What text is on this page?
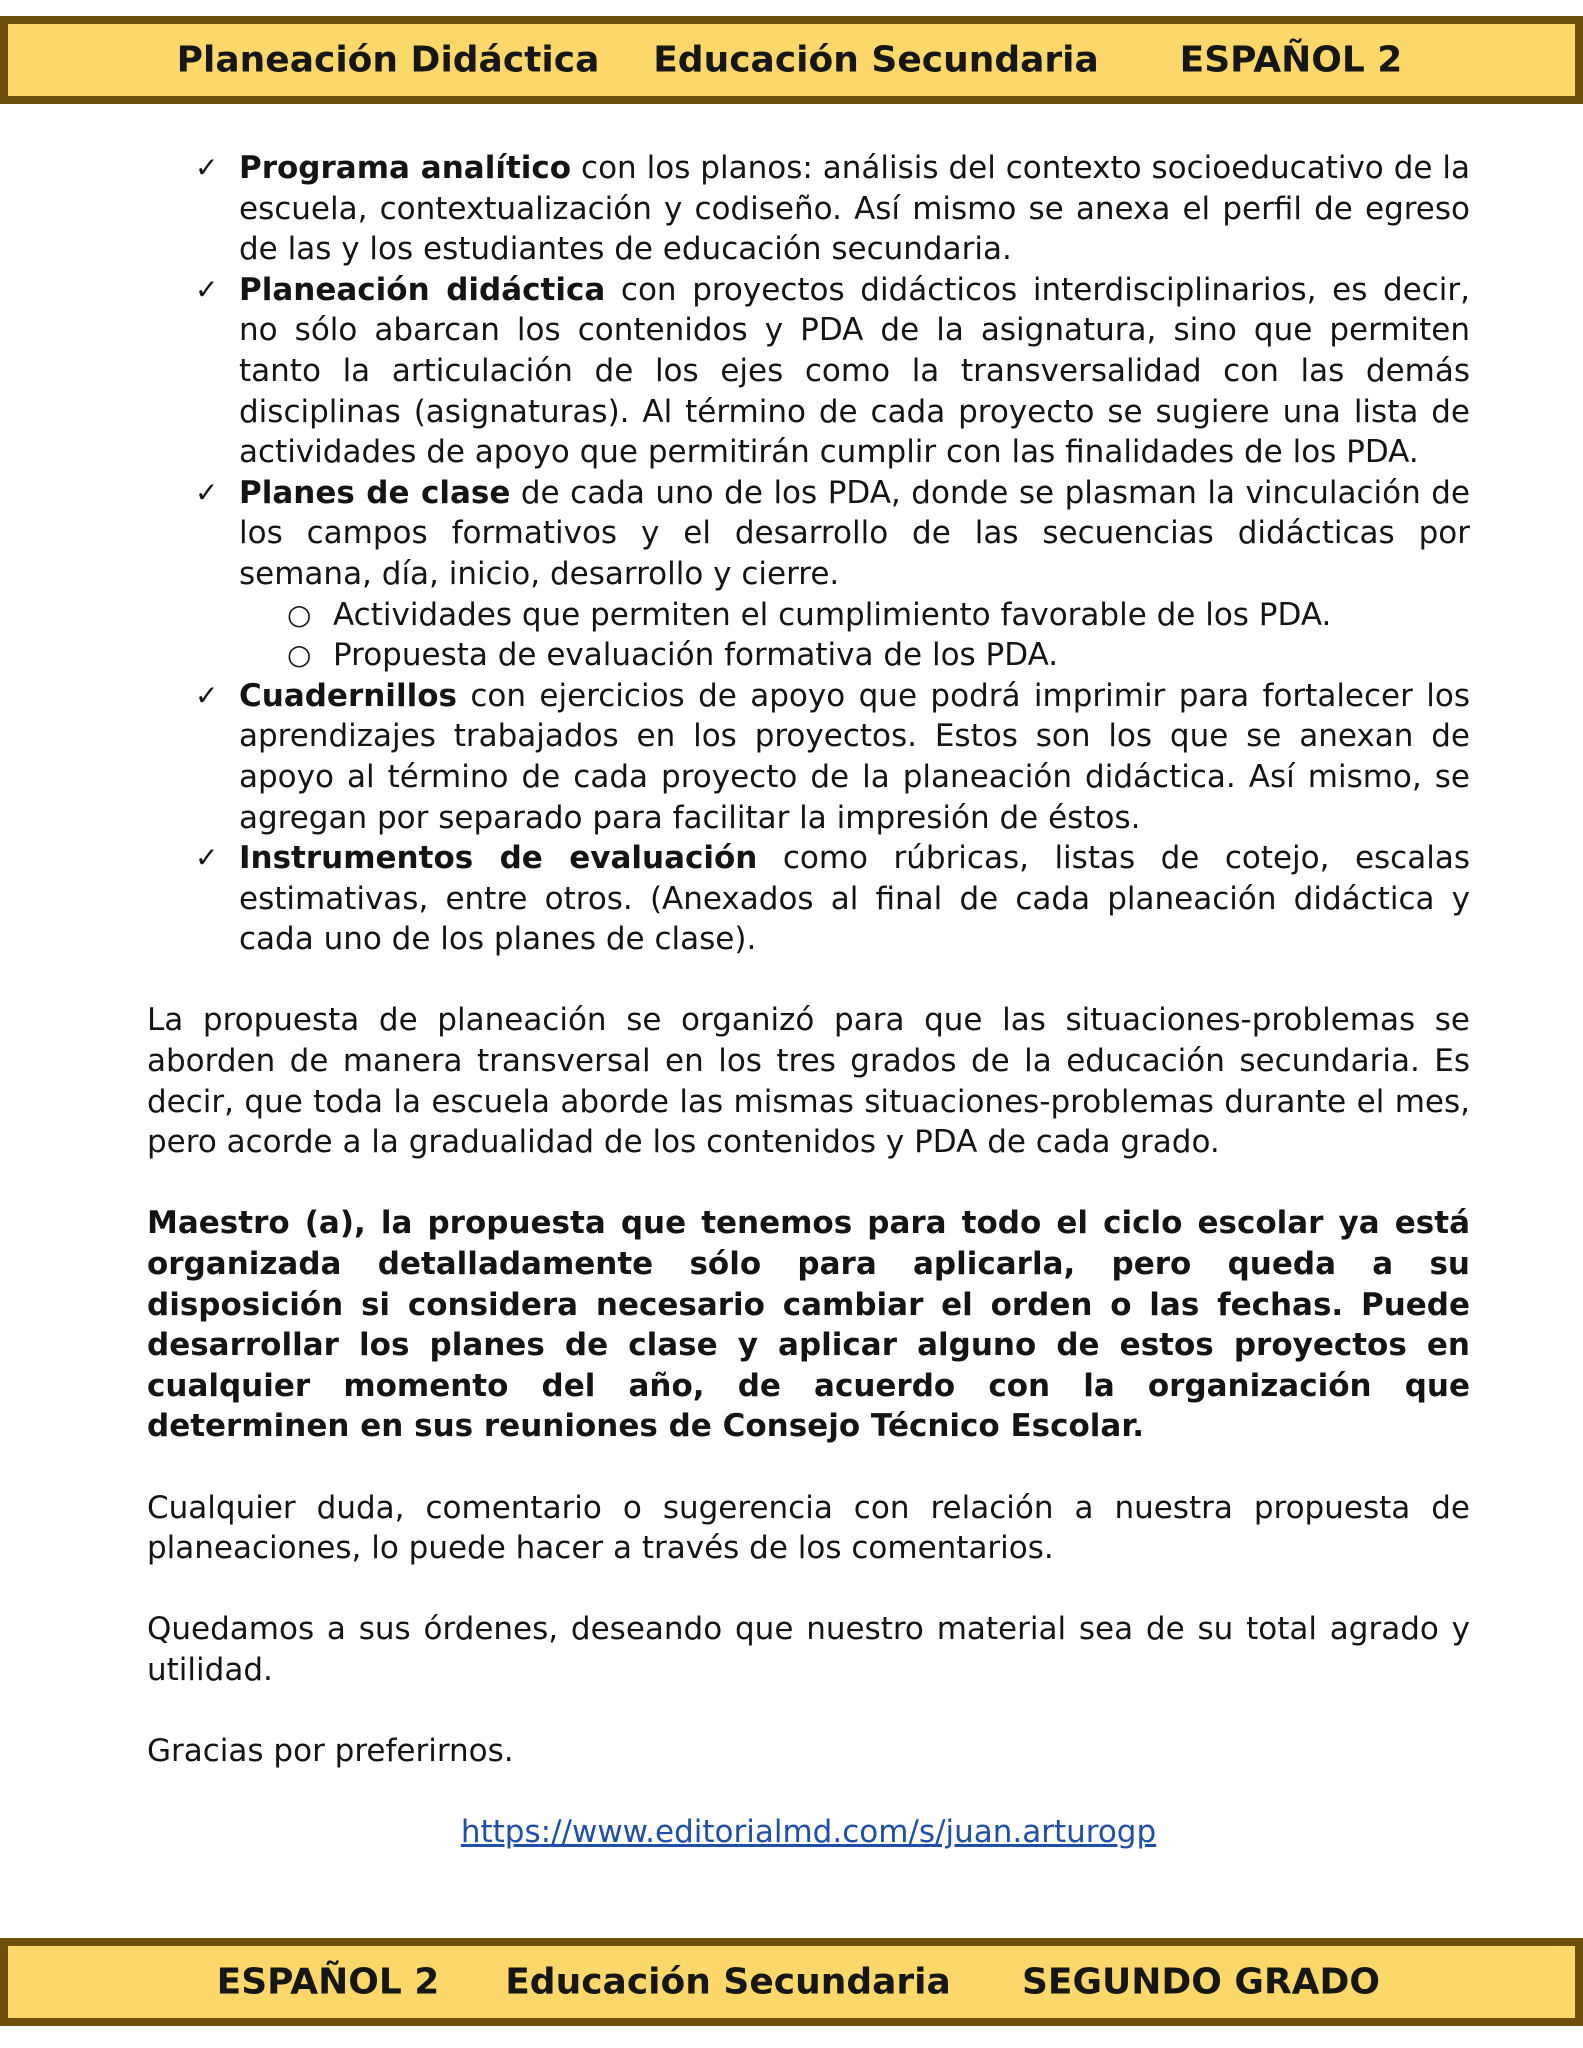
Planeación Didáctica Educación Secundaria ESPAÑOL 2
✓ Programa analítico con los planos: análisis del contexto socioeducativo de la escuela, contextualización y codiseño. Así mismo se anexa el perfil de egreso de las y los estudiantes de educación secundaria.
✓ Planeación didáctica con proyectos didácticos interdisciplinarios, es decir, no sólo abarcan los contenidos y PDA de la asignatura, sino que permiten tanto la articulación de los ejes como la transversalidad con las demás disciplinas (asignaturas). Al término de cada proyecto se sugiere una lista de actividades de apoyo que permitirán cumplir con las finalidades de los PDA.
✓ Planes de clase de cada uno de los PDA, donde se plasman la vinculación de los campos formativos y el desarrollo de las secuencias didácticas por semana, día, inicio, desarrollo y cierre.
○ Actividades que permiten el cumplimiento favorable de los PDA.
○ Propuesta de evaluación formativa de los PDA.
✓ Cuadernillos con ejercicios de apoyo que podrá imprimir para fortalecer los aprendizajes trabajados en los proyectos. Estos son los que se anexan de apoyo al término de cada proyecto de la planeación didáctica. Así mismo, se agregan por separado para facilitar la impresión de éstos.
✓ Instrumentos de evaluación como rúbricas, listas de cotejo, escalas estimativas, entre otros. (Anexados al final de cada planeación didáctica y cada uno de los planes de clase).

La propuesta de planeación se organizó para que las situaciones-problemas se aborden de manera transversal en los tres grados de la educación secundaria. Es decir, que toda la escuela aborde las mismas situaciones-problemas durante el mes, pero acorde a la gradualidad de los contenidos y PDA de cada grado.

Maestro (a), la propuesta que tenemos para todo el ciclo escolar ya está organizada detalladamente sólo para aplicarla, pero queda a su disposición si considera necesario cambiar el orden o las fechas. Puede desarrollar los planes de clase y aplicar alguno de estos proyectos en cualquier momento del año, de acuerdo con la organización que determinen en sus reuniones de Consejo Técnico Escolar.

Cualquier duda, comentario o sugerencia con relación a nuestra propuesta de planeaciones, lo puede hacer a través de los comentarios.

Quedamos a sus órdenes, deseando que nuestro material sea de su total agrado y utilidad.

Gracias por preferirnos.

https://www.editorialmd.com/s/juan.arturogp
ESPAÑOL 2 Educación Secundaria SEGUNDO GRADO
